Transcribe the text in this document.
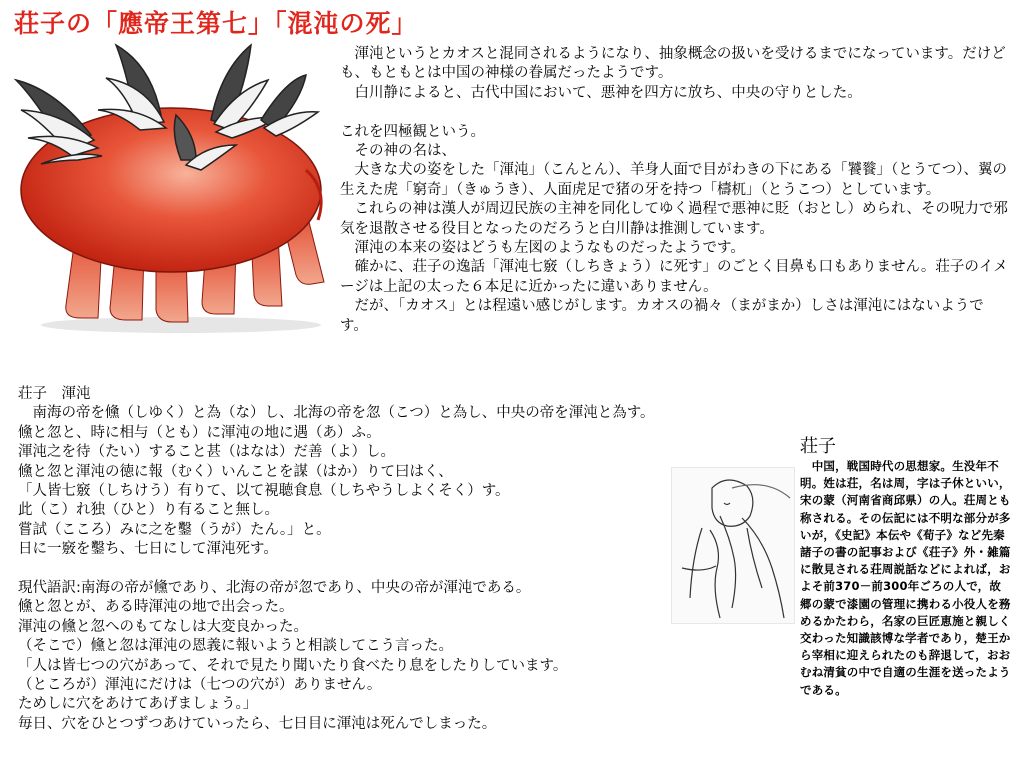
荘子の「應帝王第七」「混沌の死」

　渾沌というとカオスと混同されるようになり、抽象概念の扱いを受けるまでになっています。だけども、もともとは中国の神様の眷属だったようです。

　白川静によると、古代中国において、悪神を四方に放ち、中央の守りとした。

これを四極観という。

　その神の名は、

　大きな犬の姿をした「渾沌」（こんとん）、羊身人面で目がわきの下にある「饕餮」（とうてつ）、翼の生えた虎「窮奇」（きゅうき）、人面虎足で猪の牙を持つ「檮杌」（とうこつ）としています。

　これらの神は漢人が周辺民族の主神を同化してゆく過程で悪神に貶（おとし）められ、その呪力で邪気を退散させる役目となったのだろうと白川静は推測しています。

　渾沌の本来の姿はどうも左図のようなものだったようです。

　確かに、荘子の逸話「渾沌七竅（しちきょう）に死す」のごとく目鼻も口もありません。荘子のイメージは上記の太った６本足に近かったに違いありません。

　だが、「カオス」とは程遠い感じがします。カオスの禍々（まがまか）しさは渾沌にはないようです。

荘子　渾沌

　南海の帝を儵（しゆく）と為（な）し、北海の帝を忽（こつ）と為し、中央の帝を渾沌と為す。

儵と忽と、時に相与（とも）に渾沌の地に遇（あ）ふ。

渾沌之を待（たい）すること甚（はなは）だ善（よ）し。

儵と忽と渾沌の徳に報（むく）いんことを謀（はか）りて曰はく、

「人皆七竅（しちけう）有りて、以て視聴食息（しちやうしよくそく）す。

此（こ）れ独（ひと）り有ること無し。

嘗試（こころ）みに之を鑿（うが）たん。」と。

日に一竅を鑿ち、七日にして渾沌死す。

現代語訳:南海の帝が儵であり、北海の帝が忽であり、中央の帝が渾沌である。

儵と忽とが、ある時渾沌の地で出会った。

渾沌の儵と忽へのもてなしは大変良かった。

（そこで）儵と忽は渾沌の恩義に報いようと相談してこう言った。

「人は皆七つの穴があって、それで見たり聞いたり食べたり息をしたりしています。

（ところが）渾沌にだけは（七つの穴が）ありません。

ためしに穴をあけてあげましょう。」

毎日、穴をひとつずつあけていったら、七日目に渾沌は死んでしまった。

荘子
　中国，戦国時代の思想家。生没年不明。姓は荘，名は周，字は子休といい，宋の蒙（河南省商邱県）の人。荘周とも称される。その伝記には不明な部分が多いが，《史記》本伝や《荀子》など先秦諸子の書の記事および《荘子》外・雑篇に散見される荘周説話などによれば，およそ前370－前300年ごろの人で，故郷の蒙で漆園の管理に携わる小役人を務めるかたわら，名家の巨匠恵施と親しく交わった知識該博な学者であり，楚王から宰相に迎えられたのも辞退して，おおむね清貧の中で自適の生涯を送ったようである。
